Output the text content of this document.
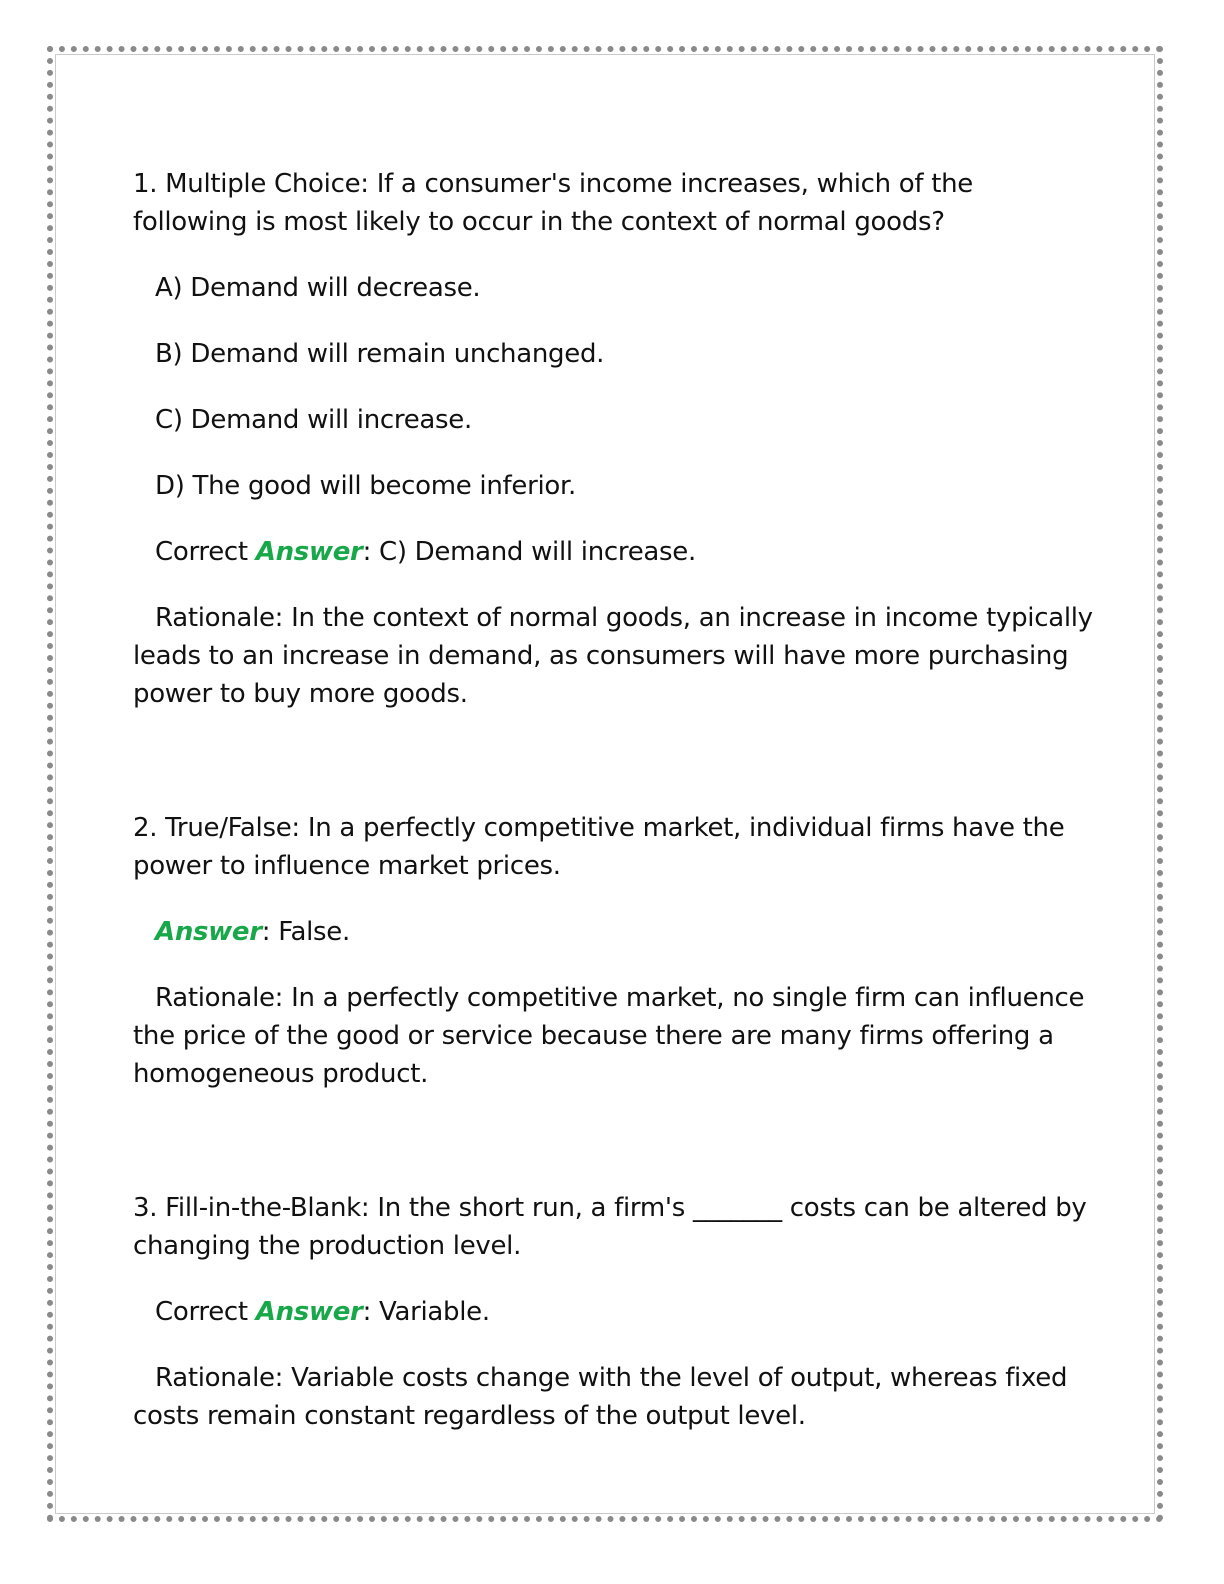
1. Multiple Choice: If a consumer's income increases, which of the following is most likely to occur in the context of normal goods?

A) Demand will decrease.
B) Demand will remain unchanged.
C) Demand will increase.
D) The good will become inferior.
Correct Answer: C) Demand will increase.

Rationale: In the context of normal goods, an increase in income typically leads to an increase in demand, as consumers will have more purchasing power to buy more goods.

2. True/False: In a perfectly competitive market, individual firms have the power to influence market prices.

Answer: False.

Rationale: In a perfectly competitive market, no single firm can influence the price of the good or service because there are many firms offering a homogeneous product.

3. Fill-in-the-Blank: In the short run, a firm's _______ costs can be altered by changing the production level.

Correct Answer: Variable.

Rationale: Variable costs change with the level of output, whereas fixed costs remain constant regardless of the output level.
